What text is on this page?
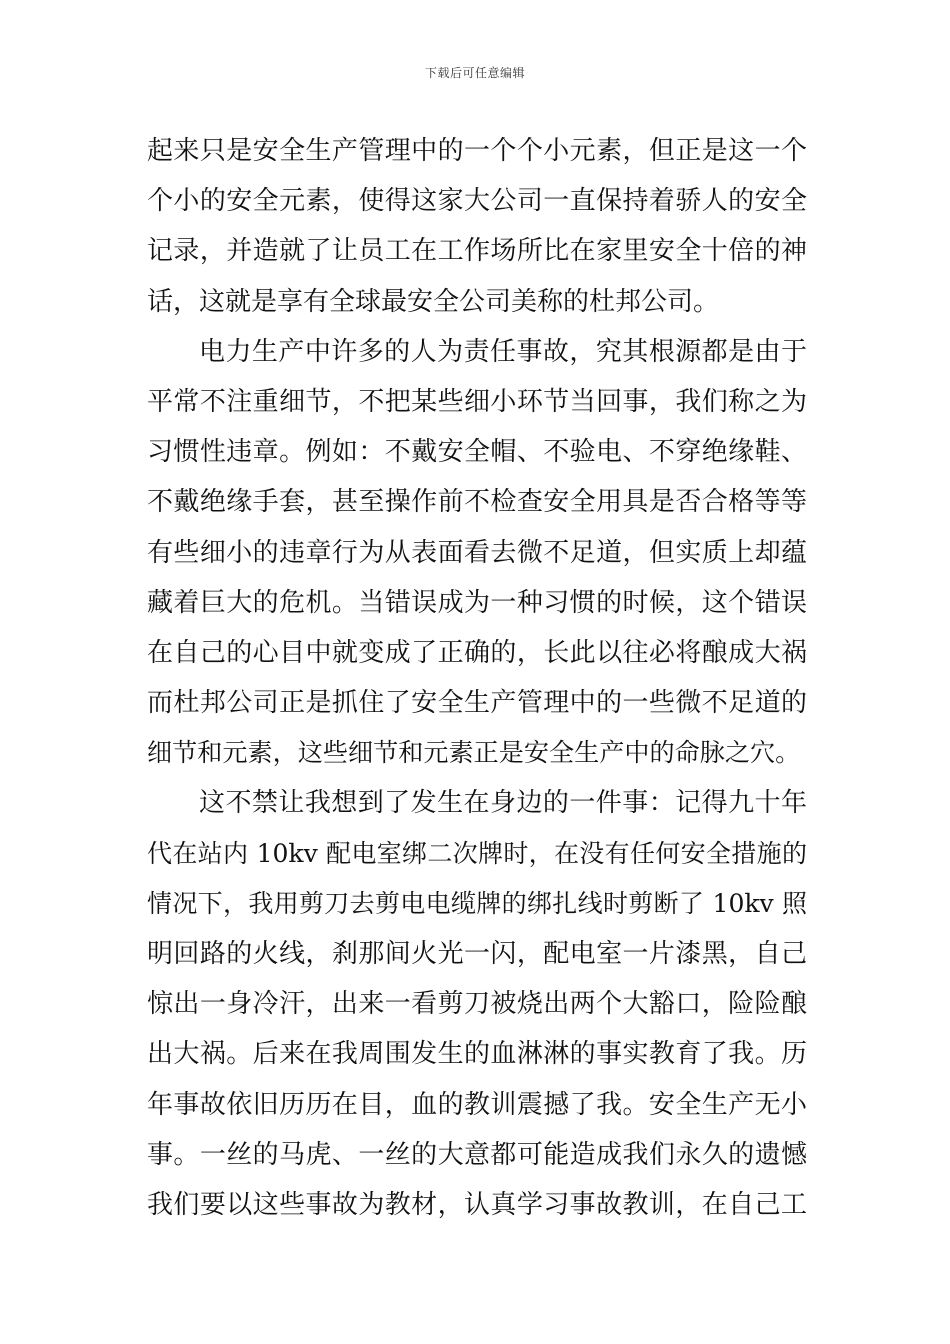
下载后可任意编辑
起来只是安全生产管理中的一个个小元素，但正是这一个
个小的安全元素，使得这家大公司一直保持着骄人的安全
记录，并造就了让员工在工作场所比在家里安全十倍的神
话，这就是享有全球最安全公司美称的杜邦公司。
电力生产中许多的人为责任事故，究其根源都是由于
平常不注重细节，不把某些细小环节当回事，我们称之为
习惯性违章。例如：不戴安全帽、不验电、不穿绝缘鞋、
不戴绝缘手套，甚至操作前不检查安全用具是否合格等等
有些细小的违章行为从表面看去微不足道，但实质上却蕴
藏着巨大的危机。当错误成为一种习惯的时候，这个错误
在自己的心目中就变成了正确的，长此以往必将酿成大祸
而杜邦公司正是抓住了安全生产管理中的一些微不足道的
细节和元素，这些细节和元素正是安全生产中的命脉之穴。
这不禁让我想到了发生在身边的一件事：记得九十年
代在站内 10kv 配电室绑二次牌时，在没有任何安全措施的
情况下，我用剪刀去剪电电缆牌的绑扎线时剪断了 10kv 照
明回路的火线，刹那间火光一闪，配电室一片漆黑，自己
惊出一身冷汗，出来一看剪刀被烧出两个大豁口，险险酿
出大祸。后来在我周围发生的血淋淋的事实教育了我。历
年事故依旧历历在目，血的教训震撼了我。安全生产无小
事。一丝的马虎、一丝的大意都可能造成我们永久的遗憾
我们要以这些事故为教材，认真学习事故教训，在自己工
